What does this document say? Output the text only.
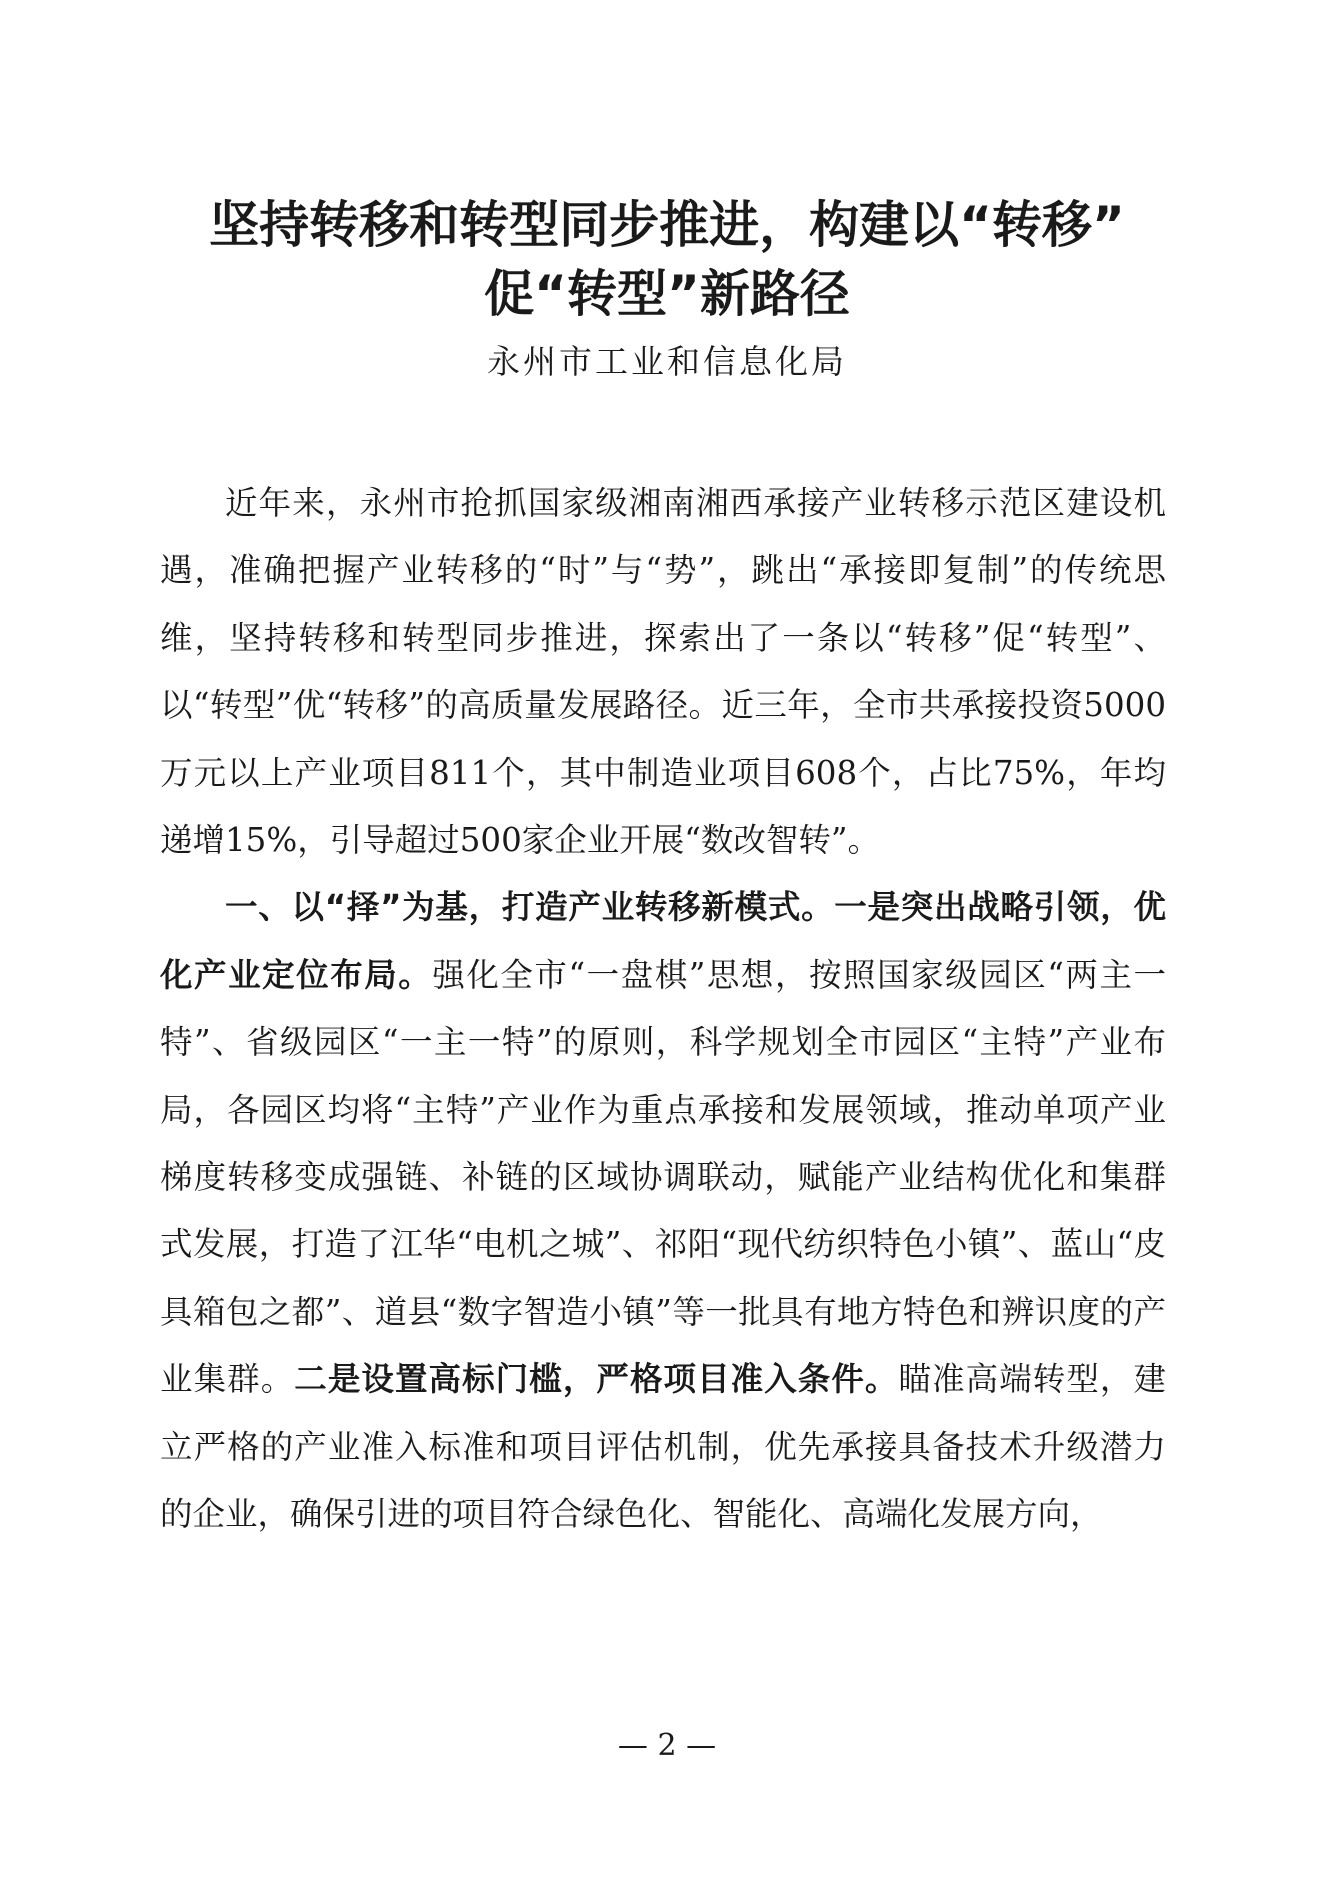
坚持转移和转型同步推进，构建以“转移”
促“转型”新路径

永州市工业和信息化局

近年来，永州市抢抓国家级湘南湘西承接产业转移示范区建设机遇，准确把握产业转移的“时”与“势”，跳出“承接即复制”的传统思维，坚持转移和转型同步推进，探索出了一条以“转移”促“转型”、以“转型”优“转移”的高质量发展路径。近三年，全市共承接投资5000万元以上产业项目811个，其中制造业项目608个，占比75%，年均递增15%，引导超过500家企业开展“数改智转”。

一、以“择”为基，打造产业转移新模式。一是突出战略引领，优化产业定位布局。强化全市“一盘棋”思想，按照国家级园区“两主一特”、省级园区“一主一特”的原则，科学规划全市园区“主特”产业布局，各园区均将“主特”产业作为重点承接和发展领域，推动单项产业梯度转移变成强链、补链的区域协调联动，赋能产业结构优化和集群式发展，打造了江华“电机之城”、祁阳“现代纺织特色小镇”、蓝山“皮具箱包之都”、道县“数字智造小镇”等一批具有地方特色和辨识度的产业集群。二是设置高标门槛，严格项目准入条件。瞄准高端转型，建立严格的产业准入标准和项目评估机制，优先承接具备技术升级潜力的企业，确保引进的项目符合绿色化、智能化、高端化发展方向，

— 2 —
